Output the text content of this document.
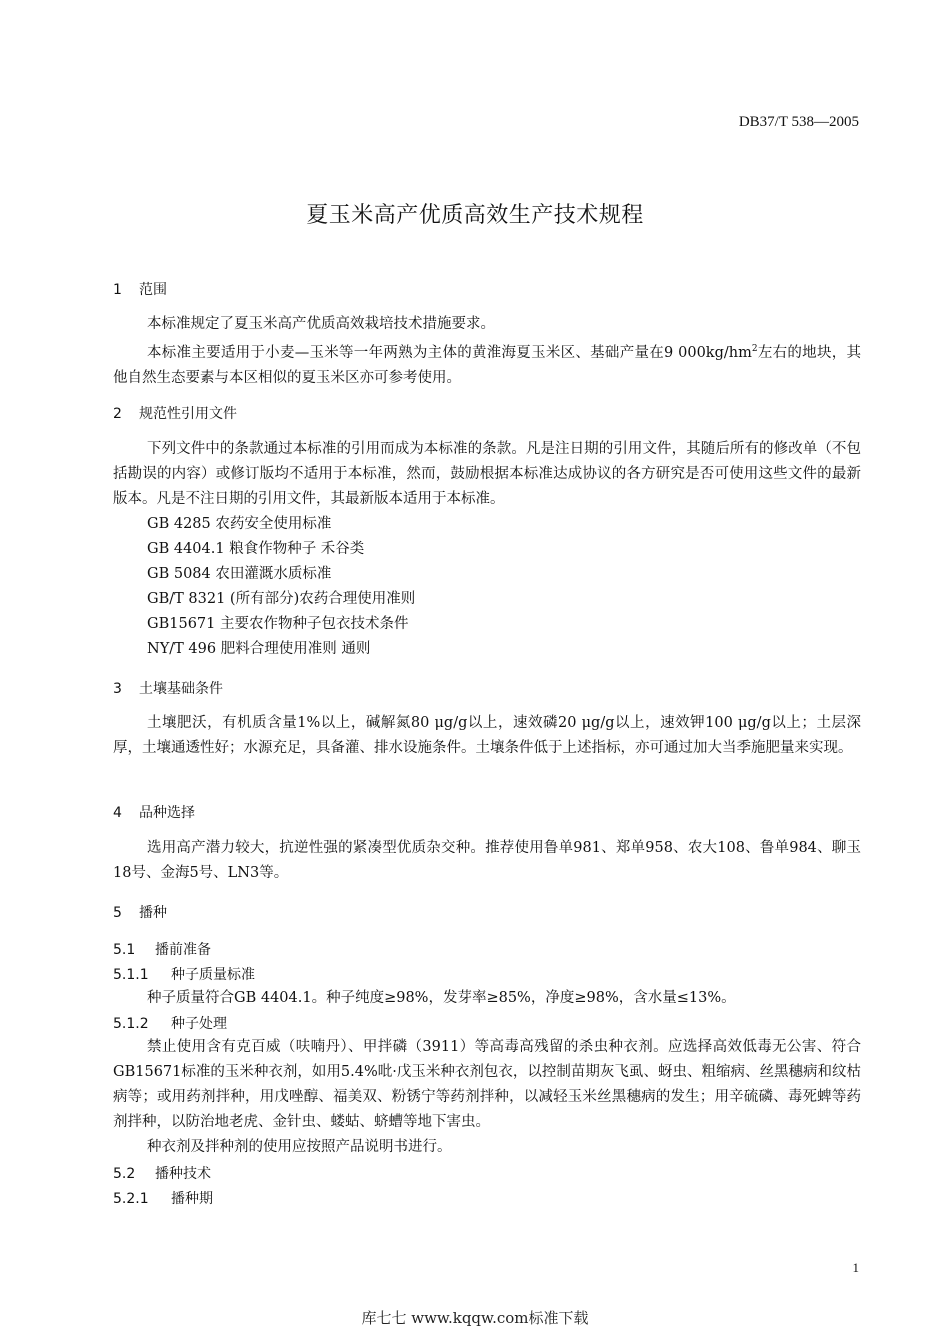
DB37/T 538—2005
夏玉米高产优质高效生产技术规程
1 范围
本标准规定了夏玉米高产优质高效栽培技术措施要求。
本标准主要适用于小麦—玉米等一年两熟为主体的黄淮海夏玉米区、基础产量在9 $000kg/hm^2$左右的地块，其他自然生态要素与本区相似的夏玉米区亦可参考使用。
2 规范性引用文件
下列文件中的条款通过本标准的引用而成为本标准的条款。凡是注日期的引用文件，其随后所有的修改单（不包括勘误的内容）或修订版均不适用于本标准，然而，鼓励根据本标准达成协议的各方研究是否可使用这些文件的最新版本。凡是不注日期的引用文件，其最新版本适用于本标准。
GB 4285 农药安全使用标准
GB 4404.1 粮食作物种子 禾谷类
GB 5084 农田灌溉水质标准
GB/T 8321 (所有部分)农药合理使用准则
GB15671 主要农作物种子包衣技术条件
NY/T 496 肥料合理使用准则 通则
3 土壤基础条件
土壤肥沃，有机质含量1%以上，碱解氮80 μg/g以上，速效磷20 μg/g以上，速效钾100 μg/g以上；土层深厚，土壤通透性好；水源充足，具备灌、排水设施条件。土壤条件低于上述指标，亦可通过加大当季施肥量来实现。
4 品种选择
选用高产潜力较大，抗逆性强的紧凑型优质杂交种。推荐使用鲁单981、郑单958、农大108、鲁单984、聊玉18号、金海5号、LN3等。
5 播种
5.1 播前准备
5.1.1 种子质量标准
种子质量符合GB 4404.1。种子纯度≥98%，发芽率≥85%，净度≥98%，含水量≤13%。
5.1.2 种子处理
禁止使用含有克百威（呋喃丹）、甲拌磷（3911）等高毒高残留的杀虫种衣剂。应选择高效低毒无公害、符合GB15671标准的玉米种衣剂，如用5.4%吡·戊玉米种衣剂包衣，以控制苗期灰飞虱、蚜虫、粗缩病、丝黑穗病和纹枯病等；或用药剂拌种，用戊唑醇、福美双、粉锈宁等药剂拌种，以减轻玉米丝黑穗病的发生；用辛硫磷、毒死蜱等药剂拌种，以防治地老虎、金针虫、蝼蛄、蛴螬等地下害虫。
种衣剂及拌种剂的使用应按照产品说明书进行。
5.2 播种技术
5.2.1 播种期
1
库七七 www.kqqw.com标准下载
